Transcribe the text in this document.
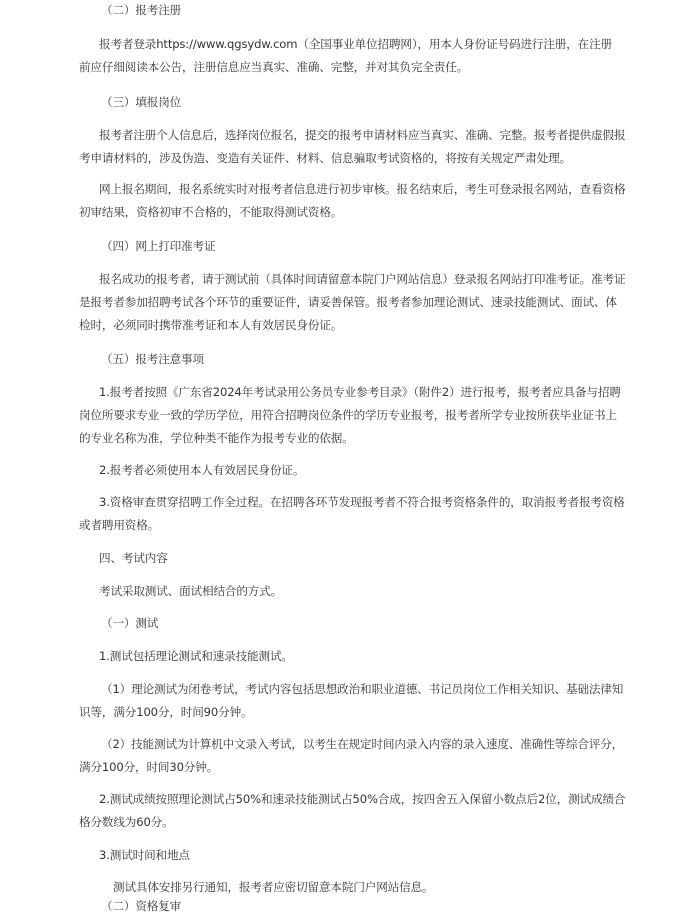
（二）报考注册
报考者登录https://www.qgsydw.com（全国事业单位招聘网），用本人身份证号码进行注册，在注册
前应仔细阅读本公告，注册信息应当真实、准确、完整，并对其负完全责任。
（三）填报岗位
报考者注册个人信息后，选择岗位报名，提交的报考申请材料应当真实、准确、完整。报考者提供虚假报
考申请材料的，涉及伪造、变造有关证件、材料、信息骗取考试资格的，将按有关规定严肃处理。
网上报名期间，报名系统实时对报考者信息进行初步审核。报名结束后，考生可登录报名网站，查看资格
初审结果，资格初审不合格的，不能取得测试资格。
（四）网上打印准考证
报名成功的报考者，请于测试前（具体时间请留意本院门户网站信息）登录报名网站打印准考证。准考证
是报考者参加招聘考试各个环节的重要证件，请妥善保管。报考者参加理论测试、速录技能测试、面试、体
检时，必须同时携带准考证和本人有效居民身份证。
（五）报考注意事项
1.报考者按照《广东省2024年考试录用公务员专业参考目录》（附件2）进行报考，报考者应具备与招聘
岗位所要求专业一致的学历学位，用符合招聘岗位条件的学历专业报考，报考者所学专业按所获毕业证书上
的专业名称为准，学位种类不能作为报考专业的依据。
2.报考者必须使用本人有效居民身份证。
3.资格审查贯穿招聘工作全过程。在招聘各环节发现报考者不符合报考资格条件的，取消报考者报考资格
或者聘用资格。
四、考试内容
考试采取测试、面试相结合的方式。
（一）测试
1.测试包括理论测试和速录技能测试。
（1）理论测试为闭卷考试，考试内容包括思想政治和职业道德、书记员岗位工作相关知识、基础法律知
识等，满分100分，时间90分钟。
（2）技能测试为计算机中文录入考试，以考生在规定时间内录入内容的录入速度、准确性等综合评分，
满分100分，时间30分钟。
2.测试成绩按照理论测试占50%和速录技能测试占50%合成，按四舍五入保留小数点后2位，测试成绩合
格分数线为60分。
3.测试时间和地点
测试具体安排另行通知，报考者应密切留意本院门户网站信息。
（二）资格复审
